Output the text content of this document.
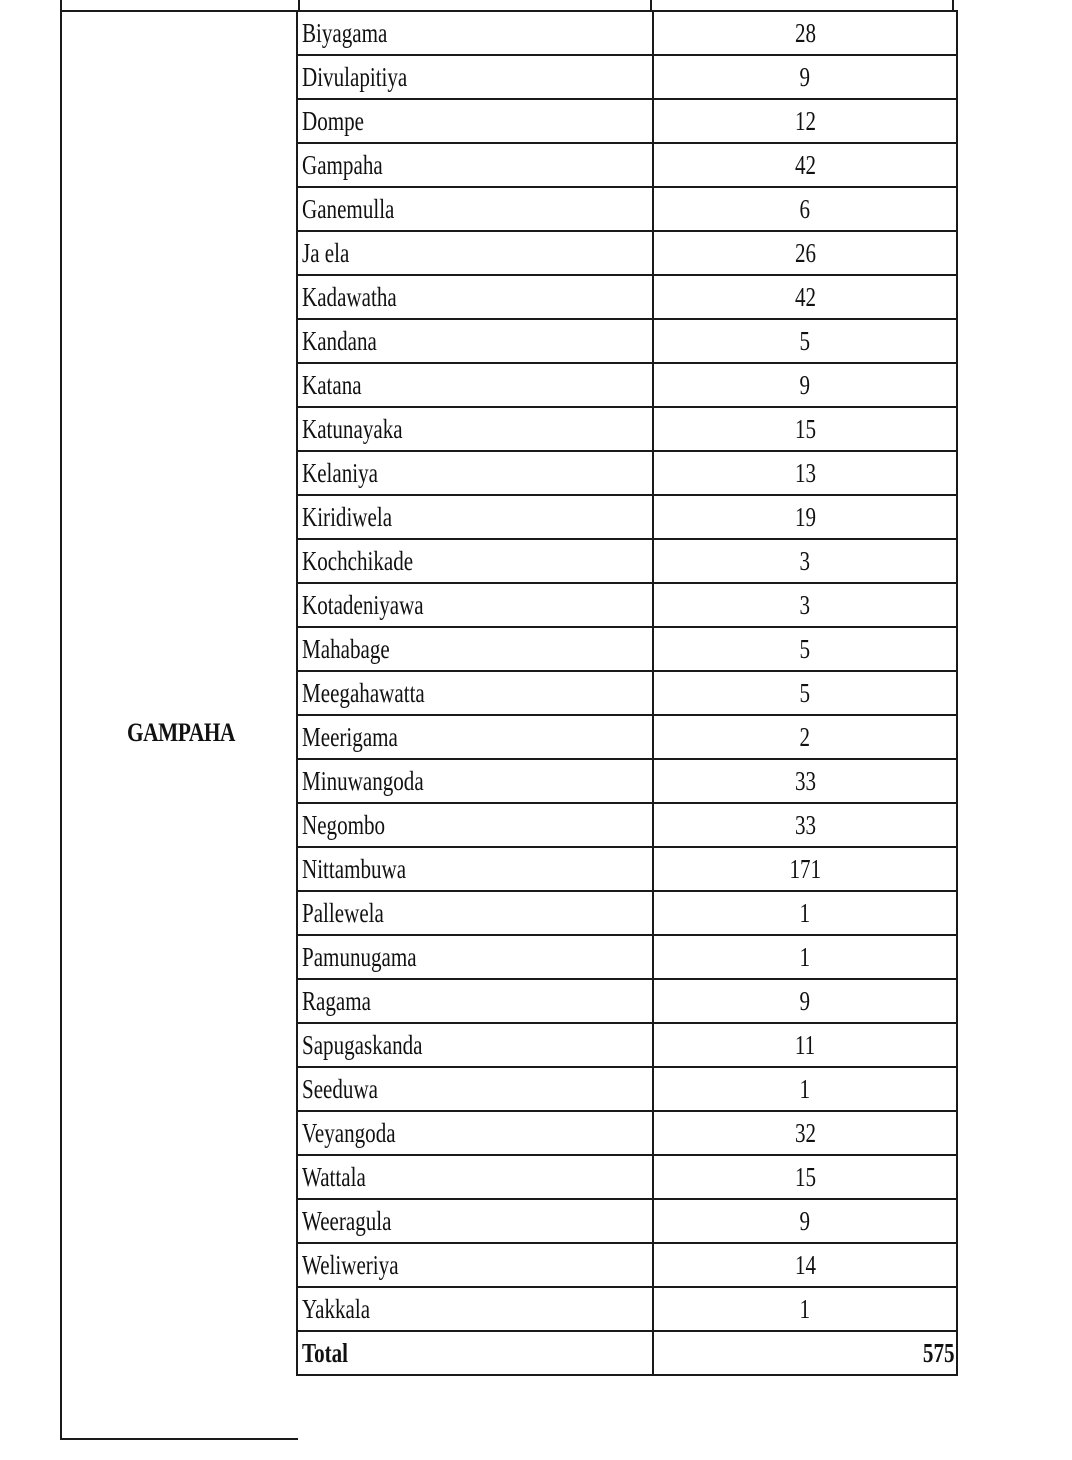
GAMPAHA
Biyagama	28
Divulapitiya	9
Dompe	12
Gampaha	42
Ganemulla	6
Ja ela	26
Kadawatha	42
Kandana	5
Katana	9
Katunayaka	15
Kelaniya	13
Kiridiwela	19
Kochchikade	3
Kotadeniyawa	3
Mahabage	5
Meegahawatta	5
Meerigama	2
Minuwangoda	33
Negombo	33
Nittambuwa	171
Pallewela	1
Pamunugama	1
Ragama	9
Sapugaskanda	11
Seeduwa	1
Veyangoda	32
Wattala	15
Weeragula	9
Weliweriya	14
Yakkala	1
Total	575
